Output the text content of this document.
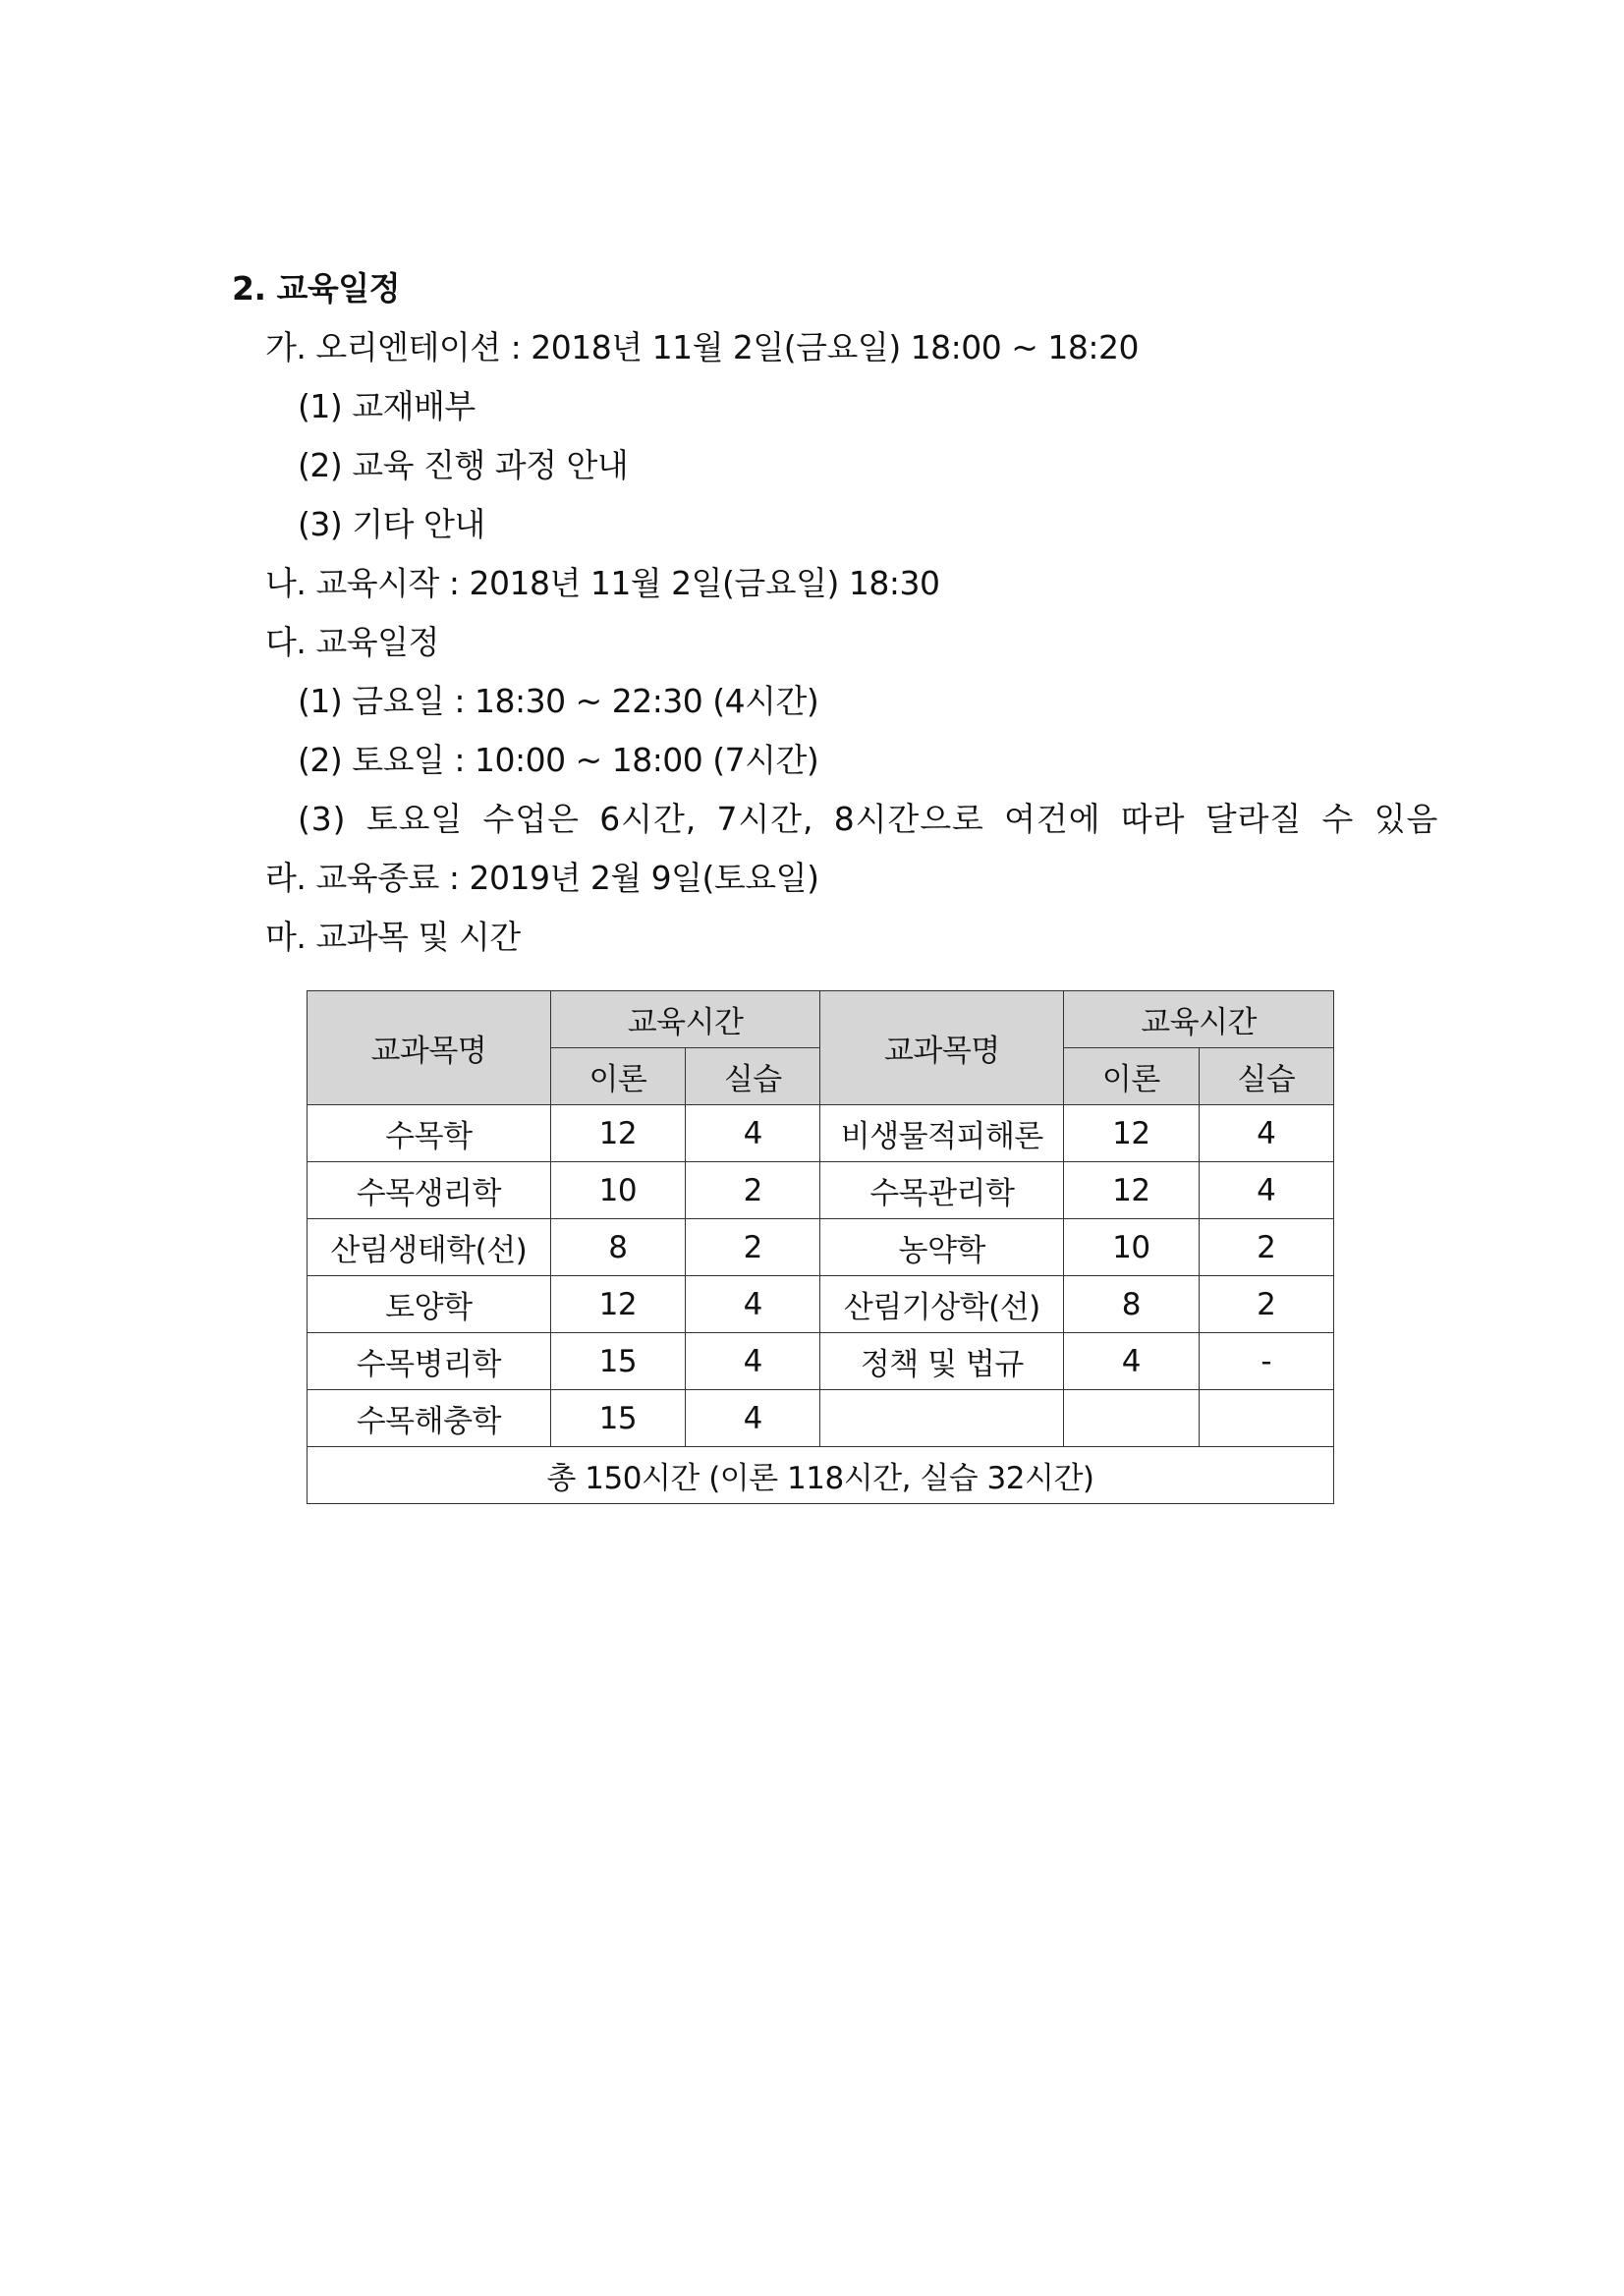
2. 교육일정
가. 오리엔테이션 : 2018년 11월 2일(금요일) 18:00 ~ 18:20
(1) 교재배부
(2) 교육 진행 과정 안내
(3) 기타 안내
나. 교육시작 : 2018년 11월 2일(금요일) 18:30
다. 교육일정
(1) 금요일 : 18:30 ~ 22:30 (4시간)
(2) 토요일 : 10:00 ~ 18:00 (7시간)
(3) 토요일 수업은 6시간, 7시간, 8시간으로 여건에 따라 달라질 수 있음
라. 교육종료 : 2019년 2월 9일(토요일)
마. 교과목 및 시간
교과목명	교육시간		교과목명	교육시간	
	이론	실습		이론	실습
수목학	12	4	비생물적피해론	12	4
수목생리학	10	2	수목관리학	12	4
산림생태학(선)	8	2	농약학	10	2
토양학	12	4	산림기상학(선)	8	2
수목병리학	15	4	정책 및 법규	4	-
수목해충학	15	4			
총 150시간 (이론 118시간, 실습 32시간)					
